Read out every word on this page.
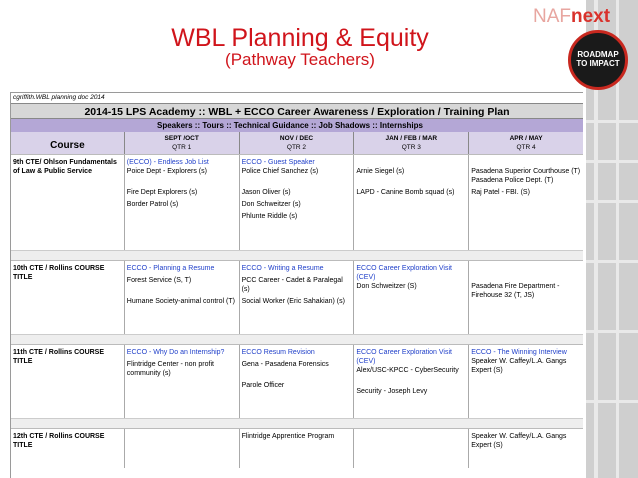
WBL Planning & Equity
(Pathway Teachers)
NAFnext
ROADMAP
TO IMPACT
cgriffith.WBL planning doc 2014
2014-15 LPS Academy :: WBL + ECCO Career Awareness / Exploration / Training Plan
Speakers :: Tours :: Technical Guidance :: Job Shadows :: Internships
Course
SEPT /OCT
QTR 1
NOV / DEC
QTR 2
JAN / FEB / MAR
QTR 3
APR / MAY
QTR 4
9th CTE/ Ohlson Fundamentals of Law & Public Service
(ECCO) - Endless Job List
Poice Dept - Explorers (s)
Fire Dept Explorers (s)
Border Patrol (s)
ECCO - Guest Speaker
Police Chief Sanchez (s)
Jason Oliver (s)
Don Schweitzer (s)
Phlunte Riddle (s)
Arnie Siegel (s)
LAPD - Canine Bomb squad (s)
Pasadena Superior Courthouse (T)
Pasadena Police Dept. (T)
Raj Patel - FBI. (S)
10th CTE / Rollins COURSE TITLE
ECCO - Planning a Resume
Forest Service (S, T)
Humane Society-animal control (T)
ECCO - Writing a Resume
PCC Career - Cadet & Paralegal (s)
Social Worker (Eric Sahakian) (s)
ECCO Career Exploration Visit (CEV)
Don Schweitzer (S)	Pasadena Fire Department - Firehouse 32 (T, JS)
11th CTE / Rollins COURSE TITLE
ECCO - Why Do an Internship?
Flintridge Center - non profit community (s)
ECCO Resum Revision
Gena - Pasadena Forensics
Parole Officer
ECCO Career Exploration Visit (CEV)
Alex/USC-KPCC - CyberSecurity
Security - Joseph Levy
ECCO - The Winning Interview
Speaker W. Caffey/L.A. Gangs Expert (S)
12th CTE / Rollins COURSE TITLE
Flintridge Apprentice Program	Speaker W. Caffey/L.A. Gangs Expert (S)
